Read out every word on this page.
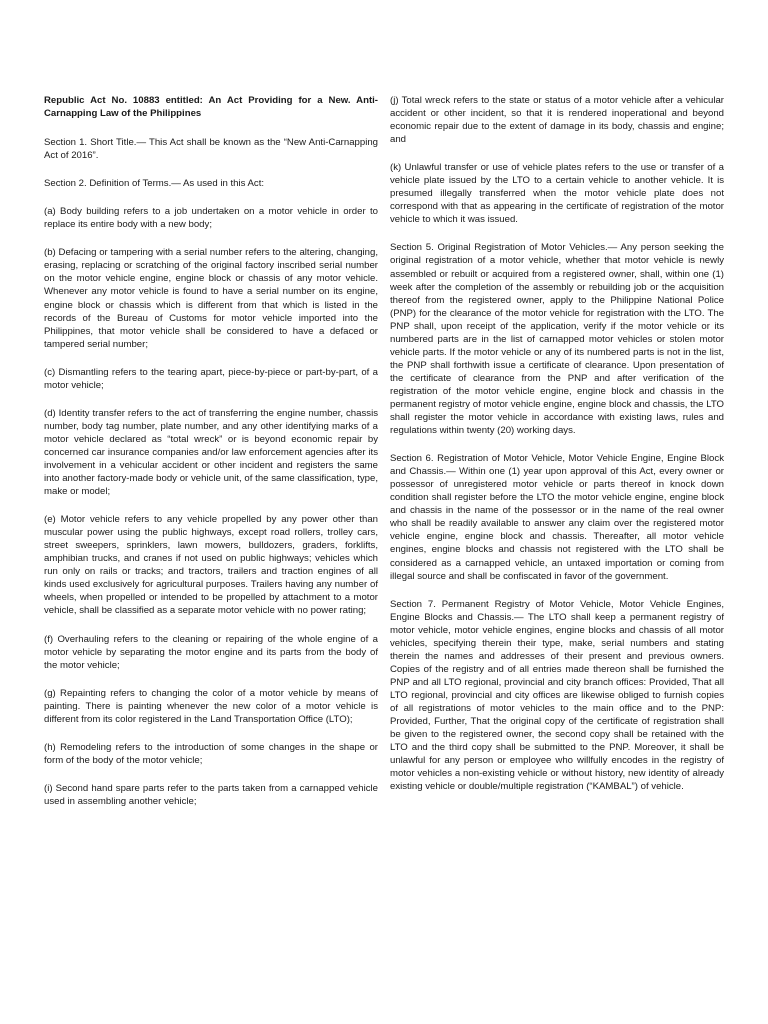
Republic Act No. 10883 entitled: An Act Providing for a New. Anti-Carnapping Law of the Philippines

Section 1. Short Title.— This Act shall be known as the “New Anti-Carnapping Act of 2016”.

Section 2. Definition of Terms.— As used in this Act:

(a) Body building refers to a job undertaken on a motor vehicle in order to replace its entire body with a new body;

(b) Defacing or tampering with a serial number refers to the altering, changing, erasing, replacing or scratching of the original factory inscribed serial number on the motor vehicle engine, engine block or chassis of any motor vehicle. Whenever any motor vehicle is found to have a serial number on its engine, engine block or chassis which is different from that which is listed in the records of the Bureau of Customs for motor vehicle imported into the Philippines, that motor vehicle shall be considered to have a defaced or tampered serial number;

(c) Dismantling refers to the tearing apart, piece-by-piece or part-by-part, of a motor vehicle;

(d) Identity transfer refers to the act of transferring the engine number, chassis number, body tag number, plate number, and any other identifying marks of a motor vehicle declared as “total wreck” or is beyond economic repair by concerned car insurance companies and/or law enforcement agencies after its involvement in a vehicular accident or other incident and registers the same into another factory-made body or vehicle unit, of the same classification, type, make or model;

(e) Motor vehicle refers to any vehicle propelled by any power other than muscular power using the public highways, except road rollers, trolley cars, street sweepers, sprinklers, lawn mowers, bulldozers, graders, forklifts, amphibian trucks, and cranes if not used on public highways; vehicles which run only on rails or tracks; and tractors, trailers and traction engines of all kinds used exclusively for agricultural purposes. Trailers having any number of wheels, when propelled or intended to be propelled by attachment to a motor vehicle, shall be classified as a separate motor vehicle with no power rating;

(f) Overhauling refers to the cleaning or repairing of the whole engine of a motor vehicle by separating the motor engine and its parts from the body of the motor vehicle;

(g) Repainting refers to changing the color of a motor vehicle by means of painting. There is painting whenever the new color of a motor vehicle is different from its color registered in the Land Transportation Office (LTO);

(h) Remodeling refers to the introduction of some changes in the shape or form of the body of the motor vehicle;

(i) Second hand spare parts refer to the parts taken from a carnapped vehicle used in assembling another vehicle;

(j) Total wreck refers to the state or status of a motor vehicle after a vehicular accident or other incident, so that it is rendered inoperational and beyond economic repair due to the extent of damage in its body, chassis and engine; and

(k) Unlawful transfer or use of vehicle plates refers to the use or transfer of a vehicle plate issued by the LTO to a certain vehicle to another vehicle. It is presumed illegally transferred when the motor vehicle plate does not correspond with that as appearing in the certificate of registration of the motor vehicle to which it was issued.

Section 5. Original Registration of Motor Vehicles.— Any person seeking the original registration of a motor vehicle, whether that motor vehicle is newly assembled or rebuilt or acquired from a registered owner, shall, within one (1) week after the completion of the assembly or rebuilding job or the acquisition thereof from the registered owner, apply to the Philippine National Police (PNP) for the clearance of the motor vehicle for registration with the LTO. The PNP shall, upon receipt of the application, verify if the motor vehicle or its numbered parts are in the list of carnapped motor vehicles or stolen motor vehicle parts. If the motor vehicle or any of its numbered parts is not in the list, the PNP shall forthwith issue a certificate of clearance. Upon presentation of the certificate of clearance from the PNP and after verification of the registration of the motor vehicle engine, engine block and chassis in the permanent registry of motor vehicle engine, engine block and chassis, the LTO shall register the motor vehicle in accordance with existing laws, rules and regulations within twenty (20) working days.

Section 6. Registration of Motor Vehicle, Motor Vehicle Engine, Engine Block and Chassis.— Within one (1) year upon approval of this Act, every owner or possessor of unregistered motor vehicle or parts thereof in knock down condition shall register before the LTO the motor vehicle engine, engine block and chassis in the name of the possessor or in the name of the real owner who shall be readily available to answer any claim over the registered motor vehicle engine, engine block and chassis. Thereafter, all motor vehicle engines, engine blocks and chassis not registered with the LTO shall be considered as a carnapped vehicle, an untaxed importation or coming from illegal source and shall be confiscated in favor of the government.

Section 7. Permanent Registry of Motor Vehicle, Motor Vehicle Engines, Engine Blocks and Chassis.— The LTO shall keep a permanent registry of motor vehicle, motor vehicle engines, engine blocks and chassis of all motor vehicles, specifying therein their type, make, serial numbers and stating therein the names and addresses of their present and previous owners. Copies of the registry and of all entries made thereon shall be furnished the PNP and all LTO regional, provincial and city branch offices: Provided, That all LTO regional, provincial and city offices are likewise obliged to furnish copies of all registrations of motor vehicles to the main office and to the PNP: Provided, Further, That the original copy of the certificate of registration shall be given to the registered owner, the second copy shall be retained with the LTO and the third copy shall be submitted to the PNP. Moreover, it shall be unlawful for any person or employee who willfully encodes in the registry of motor vehicles a non-existing vehicle or without history, new identity of already existing vehicle or double/multiple registration (“KAMBAL”) of vehicle.
